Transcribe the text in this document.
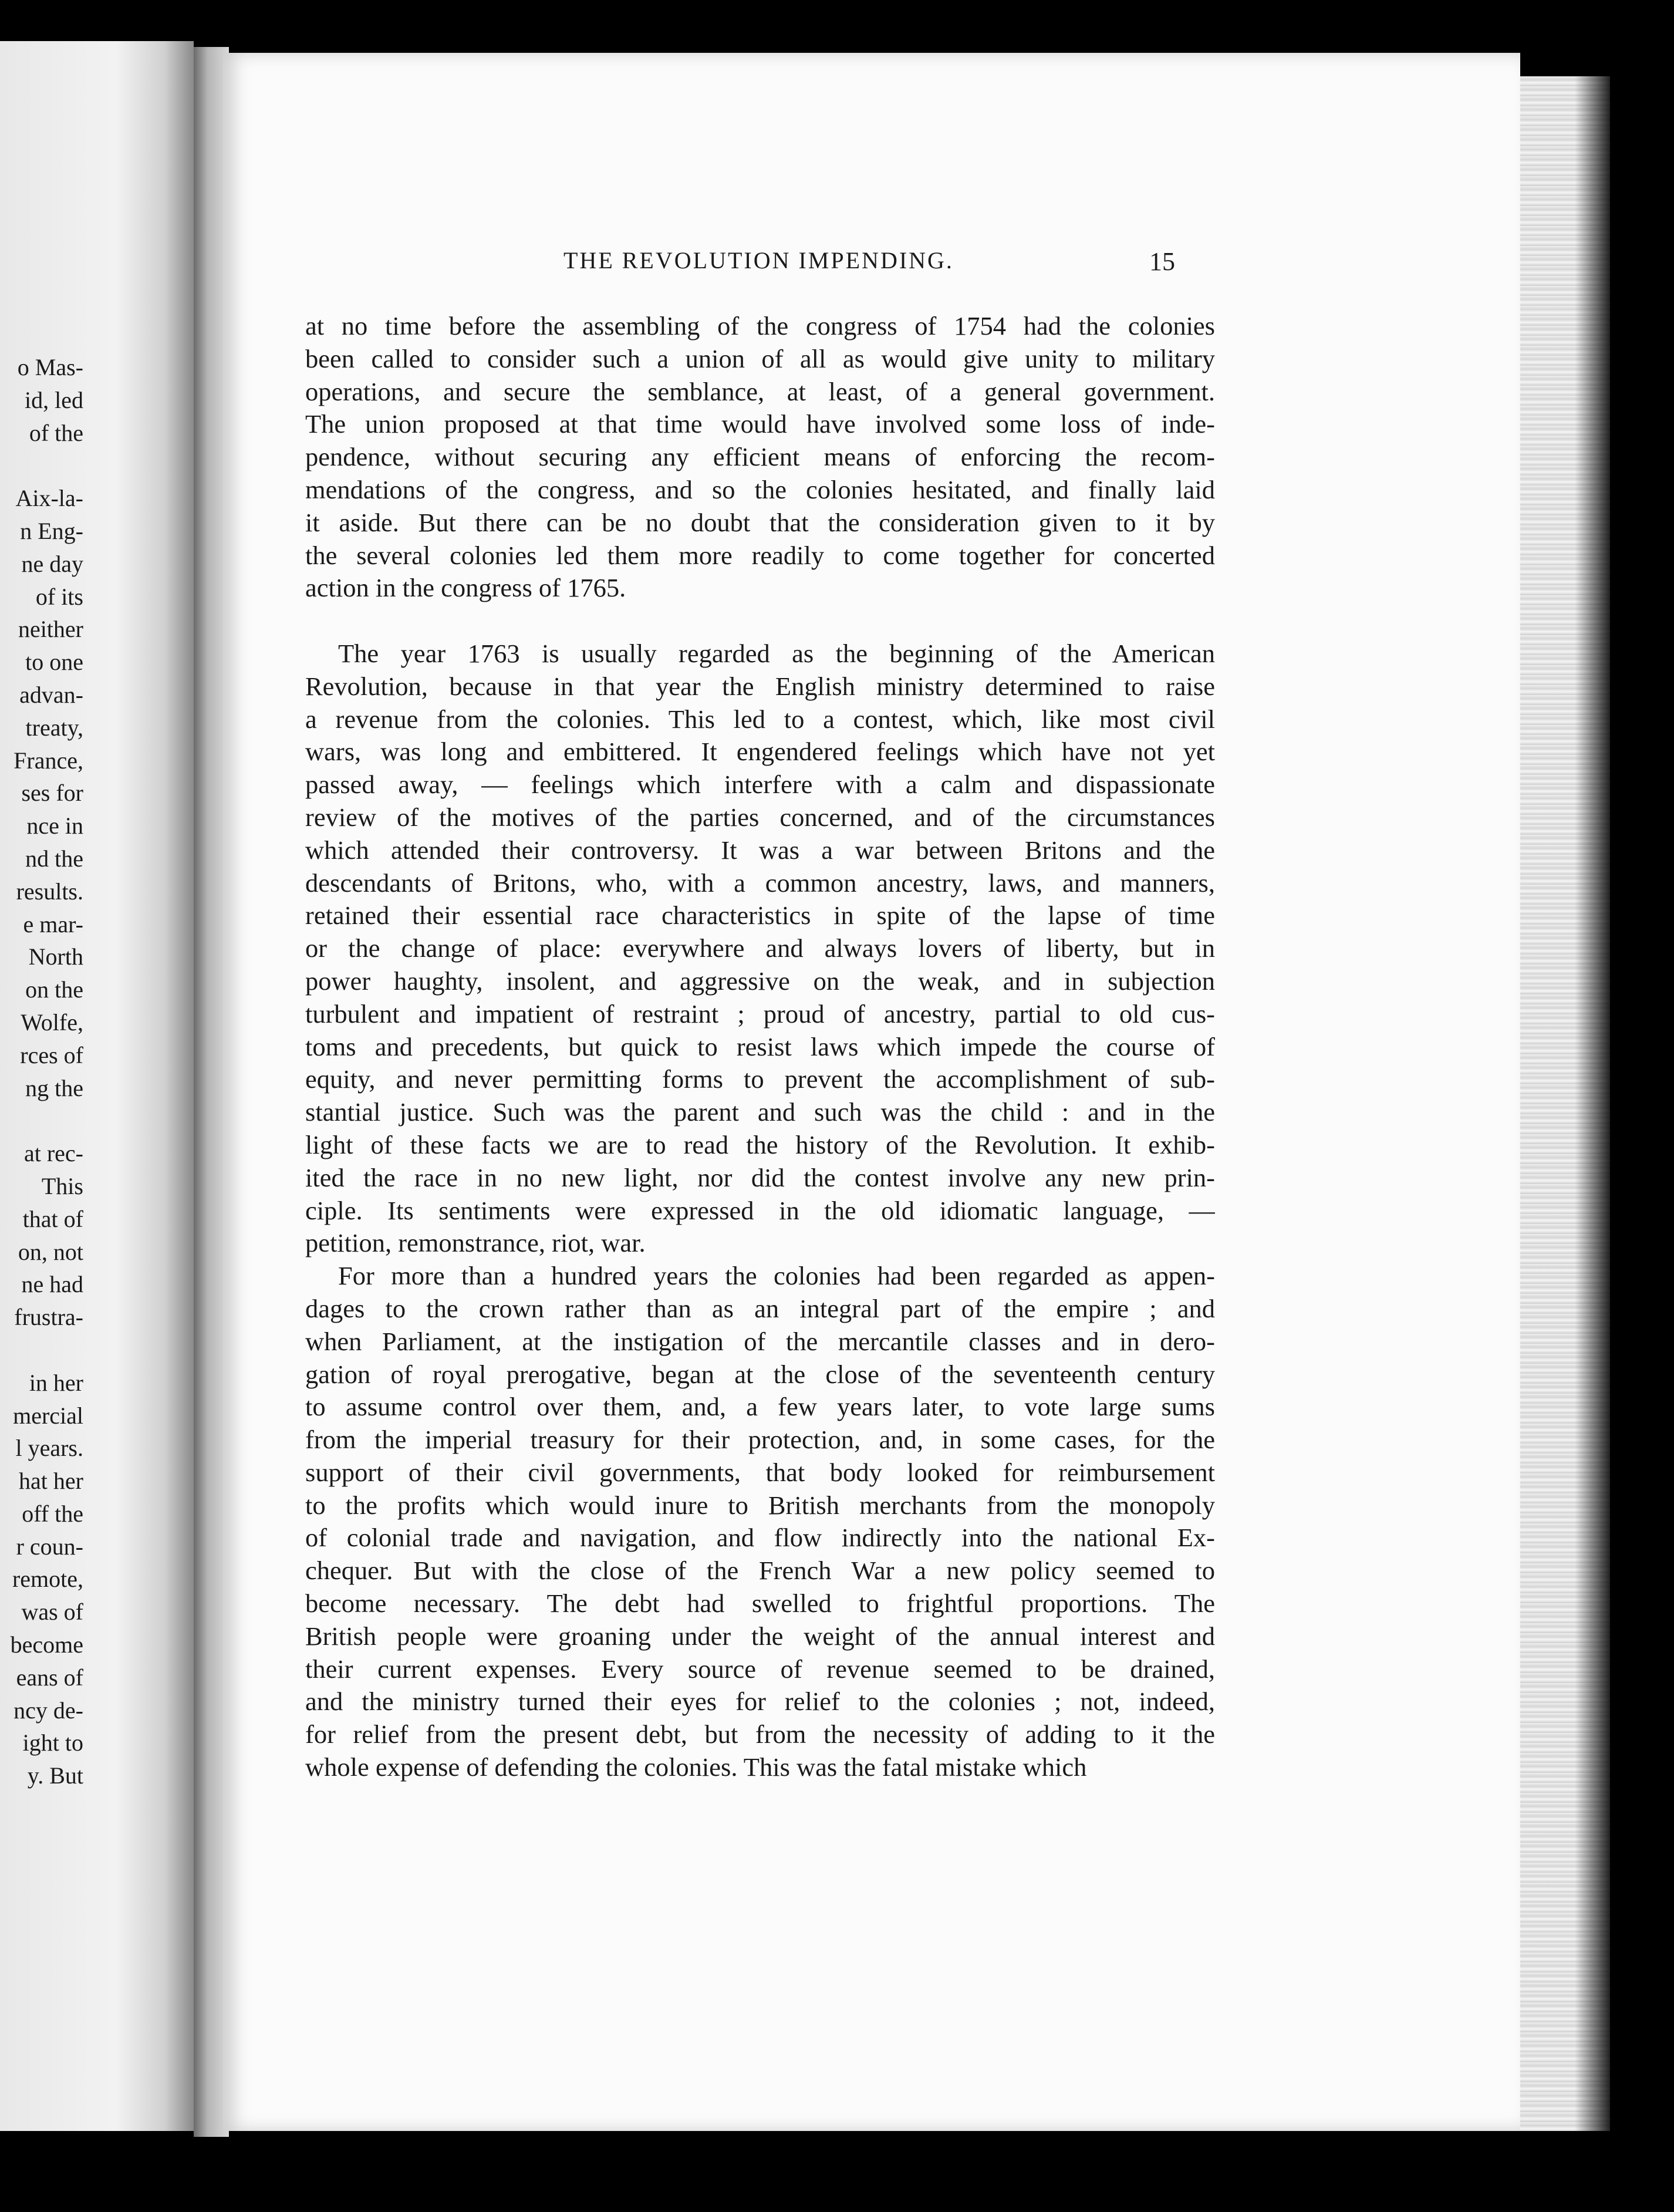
o Mas-
id, led
of the
Aix-la-
n Eng-
ne day
of its
neither
to one
advan-
treaty,
France,
ses for
nce in
nd the
results.
e mar-
North
on the
Wolfe,
rces of
ng the
at rec-
This
that of
on, not
ne had
frustra-
in her
mercial
l years.
hat her
off the
r coun-
remote,
was of
become
eans of
ncy de-
ight to
y. But
THE REVOLUTION IMPENDING.	15

at no time before the assembling of the congress of 1754 had the colonies
been called to consider such a union of all as would give unity to military
operations, and secure the semblance, at least, of a general government.
The union proposed at that time would have involved some loss of inde-
pendence, without securing any efficient means of enforcing the recom-
mendations of the congress, and so the colonies hesitated, and finally laid
it aside. But there can be no doubt that the consideration given to it by
the several colonies led them more readily to come together for concerted
action in the congress of 1765.

The year 1763 is usually regarded as the beginning of the American
Revolution, because in that year the English ministry determined to raise
a revenue from the colonies. This led to a contest, which, like most civil
wars, was long and embittered. It engendered feelings which have not yet
passed away, — feelings which interfere with a calm and dispassionate
review of the motives of the parties concerned, and of the circumstances
which attended their controversy. It was a war between Britons and the
descendants of Britons, who, with a common ancestry, laws, and manners,
retained their essential race characteristics in spite of the lapse of time
or the change of place: everywhere and always lovers of liberty, but in
power haughty, insolent, and aggressive on the weak, and in subjection
turbulent and impatient of restraint ; proud of ancestry, partial to old cus-
toms and precedents, but quick to resist laws which impede the course of
equity, and never permitting forms to prevent the accomplishment of sub-
stantial justice. Such was the parent and such was the child : and in the
light of these facts we are to read the history of the Revolution. It exhib-
ited the race in no new light, nor did the contest involve any new prin-
ciple. Its sentiments were expressed in the old idiomatic language, —
petition, remonstrance, riot, war.

For more than a hundred years the colonies had been regarded as appen-
dages to the crown rather than as an integral part of the empire ; and
when Parliament, at the instigation of the mercantile classes and in dero-
gation of royal prerogative, began at the close of the seventeenth century
to assume control over them, and, a few years later, to vote large sums
from the imperial treasury for their protection, and, in some cases, for the
support of their civil governments, that body looked for reimbursement
to the profits which would inure to British merchants from the monopoly
of colonial trade and navigation, and flow indirectly into the national Ex-
chequer. But with the close of the French War a new policy seemed to
become necessary. The debt had swelled to frightful proportions. The
British people were groaning under the weight of the annual interest and
their current expenses. Every source of revenue seemed to be drained,
and the ministry turned their eyes for relief to the colonies ; not, indeed,
for relief from the present debt, but from the necessity of adding to it the
whole expense of defending the colonies. This was the fatal mistake which
